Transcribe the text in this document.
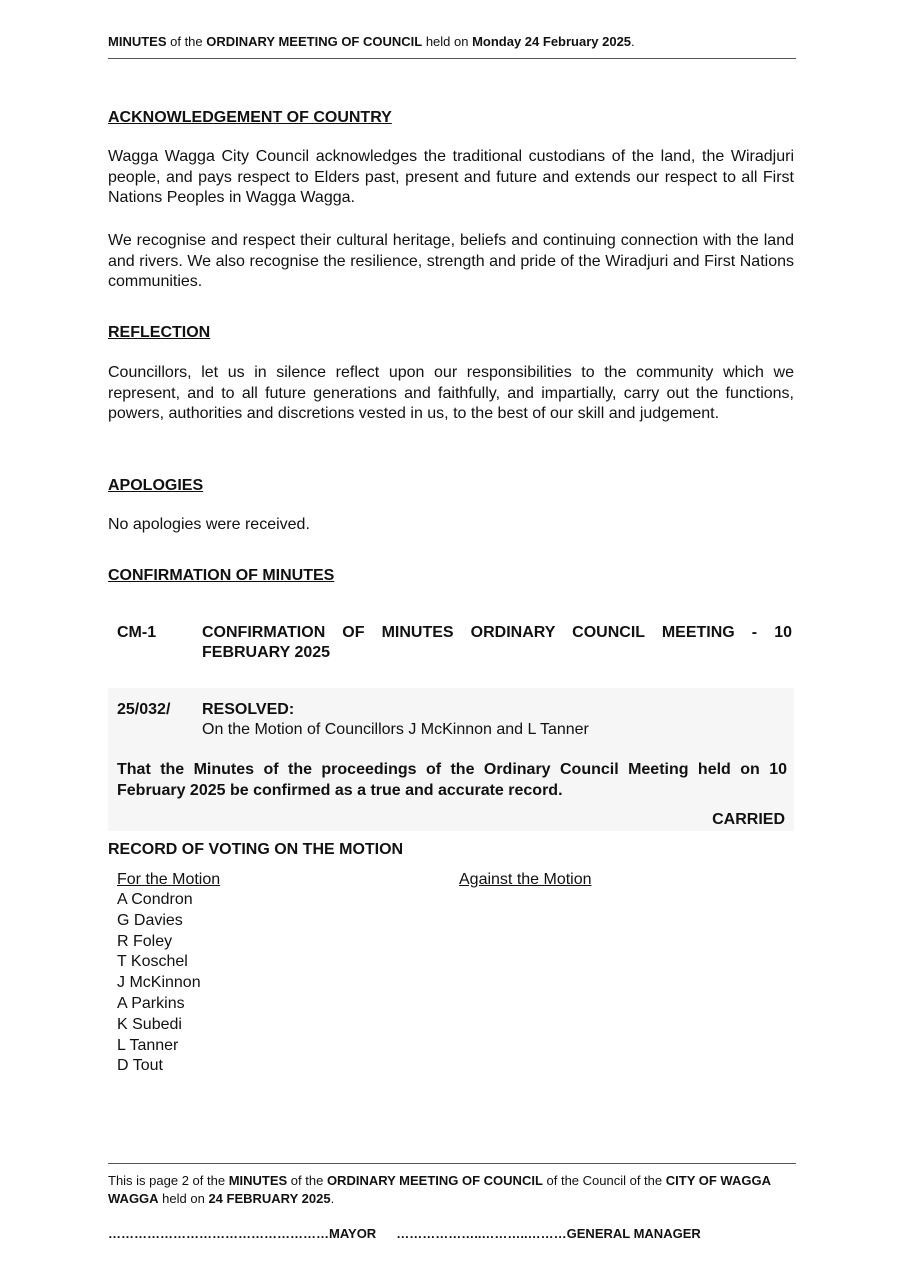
MINUTES of the ORDINARY MEETING OF COUNCIL held on Monday 24 February 2025.
ACKNOWLEDGEMENT OF COUNTRY

Wagga Wagga City Council acknowledges the traditional custodians of the land, the Wiradjuri people, and pays respect to Elders past, present and future and extends our respect to all First Nations Peoples in Wagga Wagga.

We recognise and respect their cultural heritage, beliefs and continuing connection with the land and rivers. We also recognise the resilience, strength and pride of the Wiradjuri and First Nations communities.

REFLECTION

Councillors, let us in silence reflect upon our responsibilities to the community which we represent, and to all future generations and faithfully, and impartially, carry out the functions, powers, authorities and discretions vested in us, to the best of our skill and judgement.

APOLOGIES

No apologies were received.

CONFIRMATION OF MINUTES
CM-1	CONFIRMATION OF MINUTES ORDINARY COUNCIL MEETING - 10 FEBRUARY 2025
25/032/ RESOLVED:
On the Motion of Councillors J McKinnon and L Tanner

That the Minutes of the proceedings of the Ordinary Council Meeting held on 10 February 2025 be confirmed as a true and accurate record.

CARRIED
RECORD OF VOTING ON THE MOTION
For the Motion	Against the Motion
A Condron
G Davies
R Foley
T Koschel
J McKinnon
A Parkins
K Subedi
L Tanner
D Tout

This is page 2 of the MINUTES of the ORDINARY MEETING OF COUNCIL of the Council of the CITY OF WAGGA WAGGA held on 24 FEBRUARY 2025.

……………………………………………MAYOR ………………..………..………GENERAL MANAGER
